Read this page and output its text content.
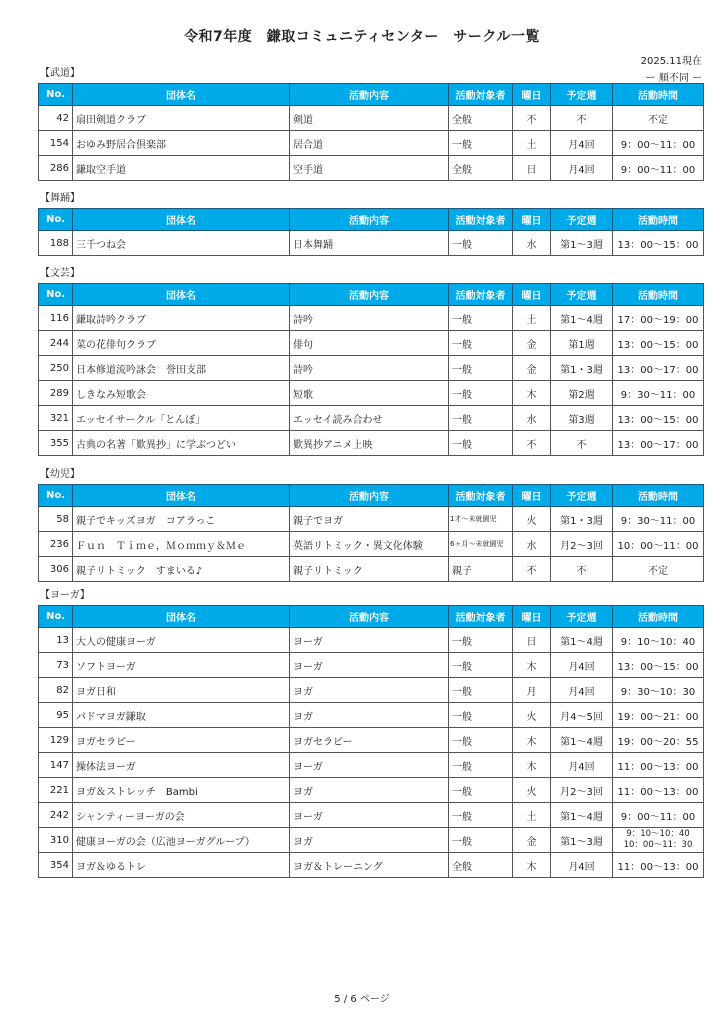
令和7年度　鎌取コミュニティセンター　サークル一覧
2025.11現在
ー 順不同 ー
【武道】
No.	団体名	活動内容	活動対象者	曜日	予定週	活動時間
42	扇田剣道クラブ	剣道	全般	不	不	不定
154	おゆみ野居合倶楽部	居合道	一般	土	月4回	9：00～11：00
286	鎌取空手道	空手道	全般	日	月4回	9：00～11：00
【舞踊】
No.	団体名	活動内容	活動対象者	曜日	予定週	活動時間
188	三千つね会	日本舞踊	一般	水	第1～3週	13：00～15：00
【文芸】
No.	団体名	活動内容	活動対象者	曜日	予定週	活動時間
116	鎌取詩吟クラブ	詩吟	一般	土	第1～4週	17：00～19：00
244	菜の花俳句クラブ	俳句	一般	金	第1週	13：00～15：00
250	日本修道流吟詠会　誉田支部	詩吟	一般	金	第1・3週	13：00～17：00
289	しきなみ短歌会	短歌	一般	木	第2週	9：30～11：00
321	エッセイサークル「とんぼ」	エッセイ読み合わせ	一般	水	第3週	13：00～15：00
355	古典の名著「歎異抄」に学ぶつどい	歎異抄アニメ上映	一般	不	不	13：00～17：00
【幼児】
No.	団体名	活動内容	活動対象者	曜日	予定週	活動時間
58	親子でキッズヨガ　コアラっこ	親子でヨガ	1才～未就園児	火	第1・3週	9：30～11：00
236	Ｆｕｎ　Ｔｉｍｅ，Ｍｏｍｍｙ＆Ｍｅ	英語リトミック・異文化体験	6ヶ月～未就園児	水	月2～3回	10：00～11：00
306	親子リトミック　すまいる♪	親子リトミック	親子	不	不	不定
【ヨーガ】
No.	団体名	活動内容	活動対象者	曜日	予定週	活動時間
13	大人の健康ヨーガ	ヨーガ	一般	日	第1～4週	9：10～10：40
73	ソフトヨーガ	ヨーガ	一般	木	月4回	13：00～15：00
82	ヨガ日和	ヨガ	一般	月	月4回	9：30～10：30
95	パドマヨガ鎌取	ヨガ	一般	火	月4～5回	19：00～21：00
129	ヨガセラピー	ヨガセラピー	一般	木	第1～4週	19：00～20：55
147	操体法ヨーガ	ヨーガ	一般	木	月4回	11：00～13：00
221	ヨガ＆ストレッチ　Bambi	ヨガ	一般	火	月2～3回	11：00～13：00
242	シャンティーヨーガの会	ヨーガ	一般	土	第1～4週	9：00～11：00
310	健康ヨーガの会（広池ヨーガグループ）	ヨガ	一般	金	第1～3週	9：10～10：40
10：00～11：30
354	ヨガ＆ゆるトレ	ヨガ＆トレーニング	全般	木	月4回	11：00～13：00
5 / 6 ページ
